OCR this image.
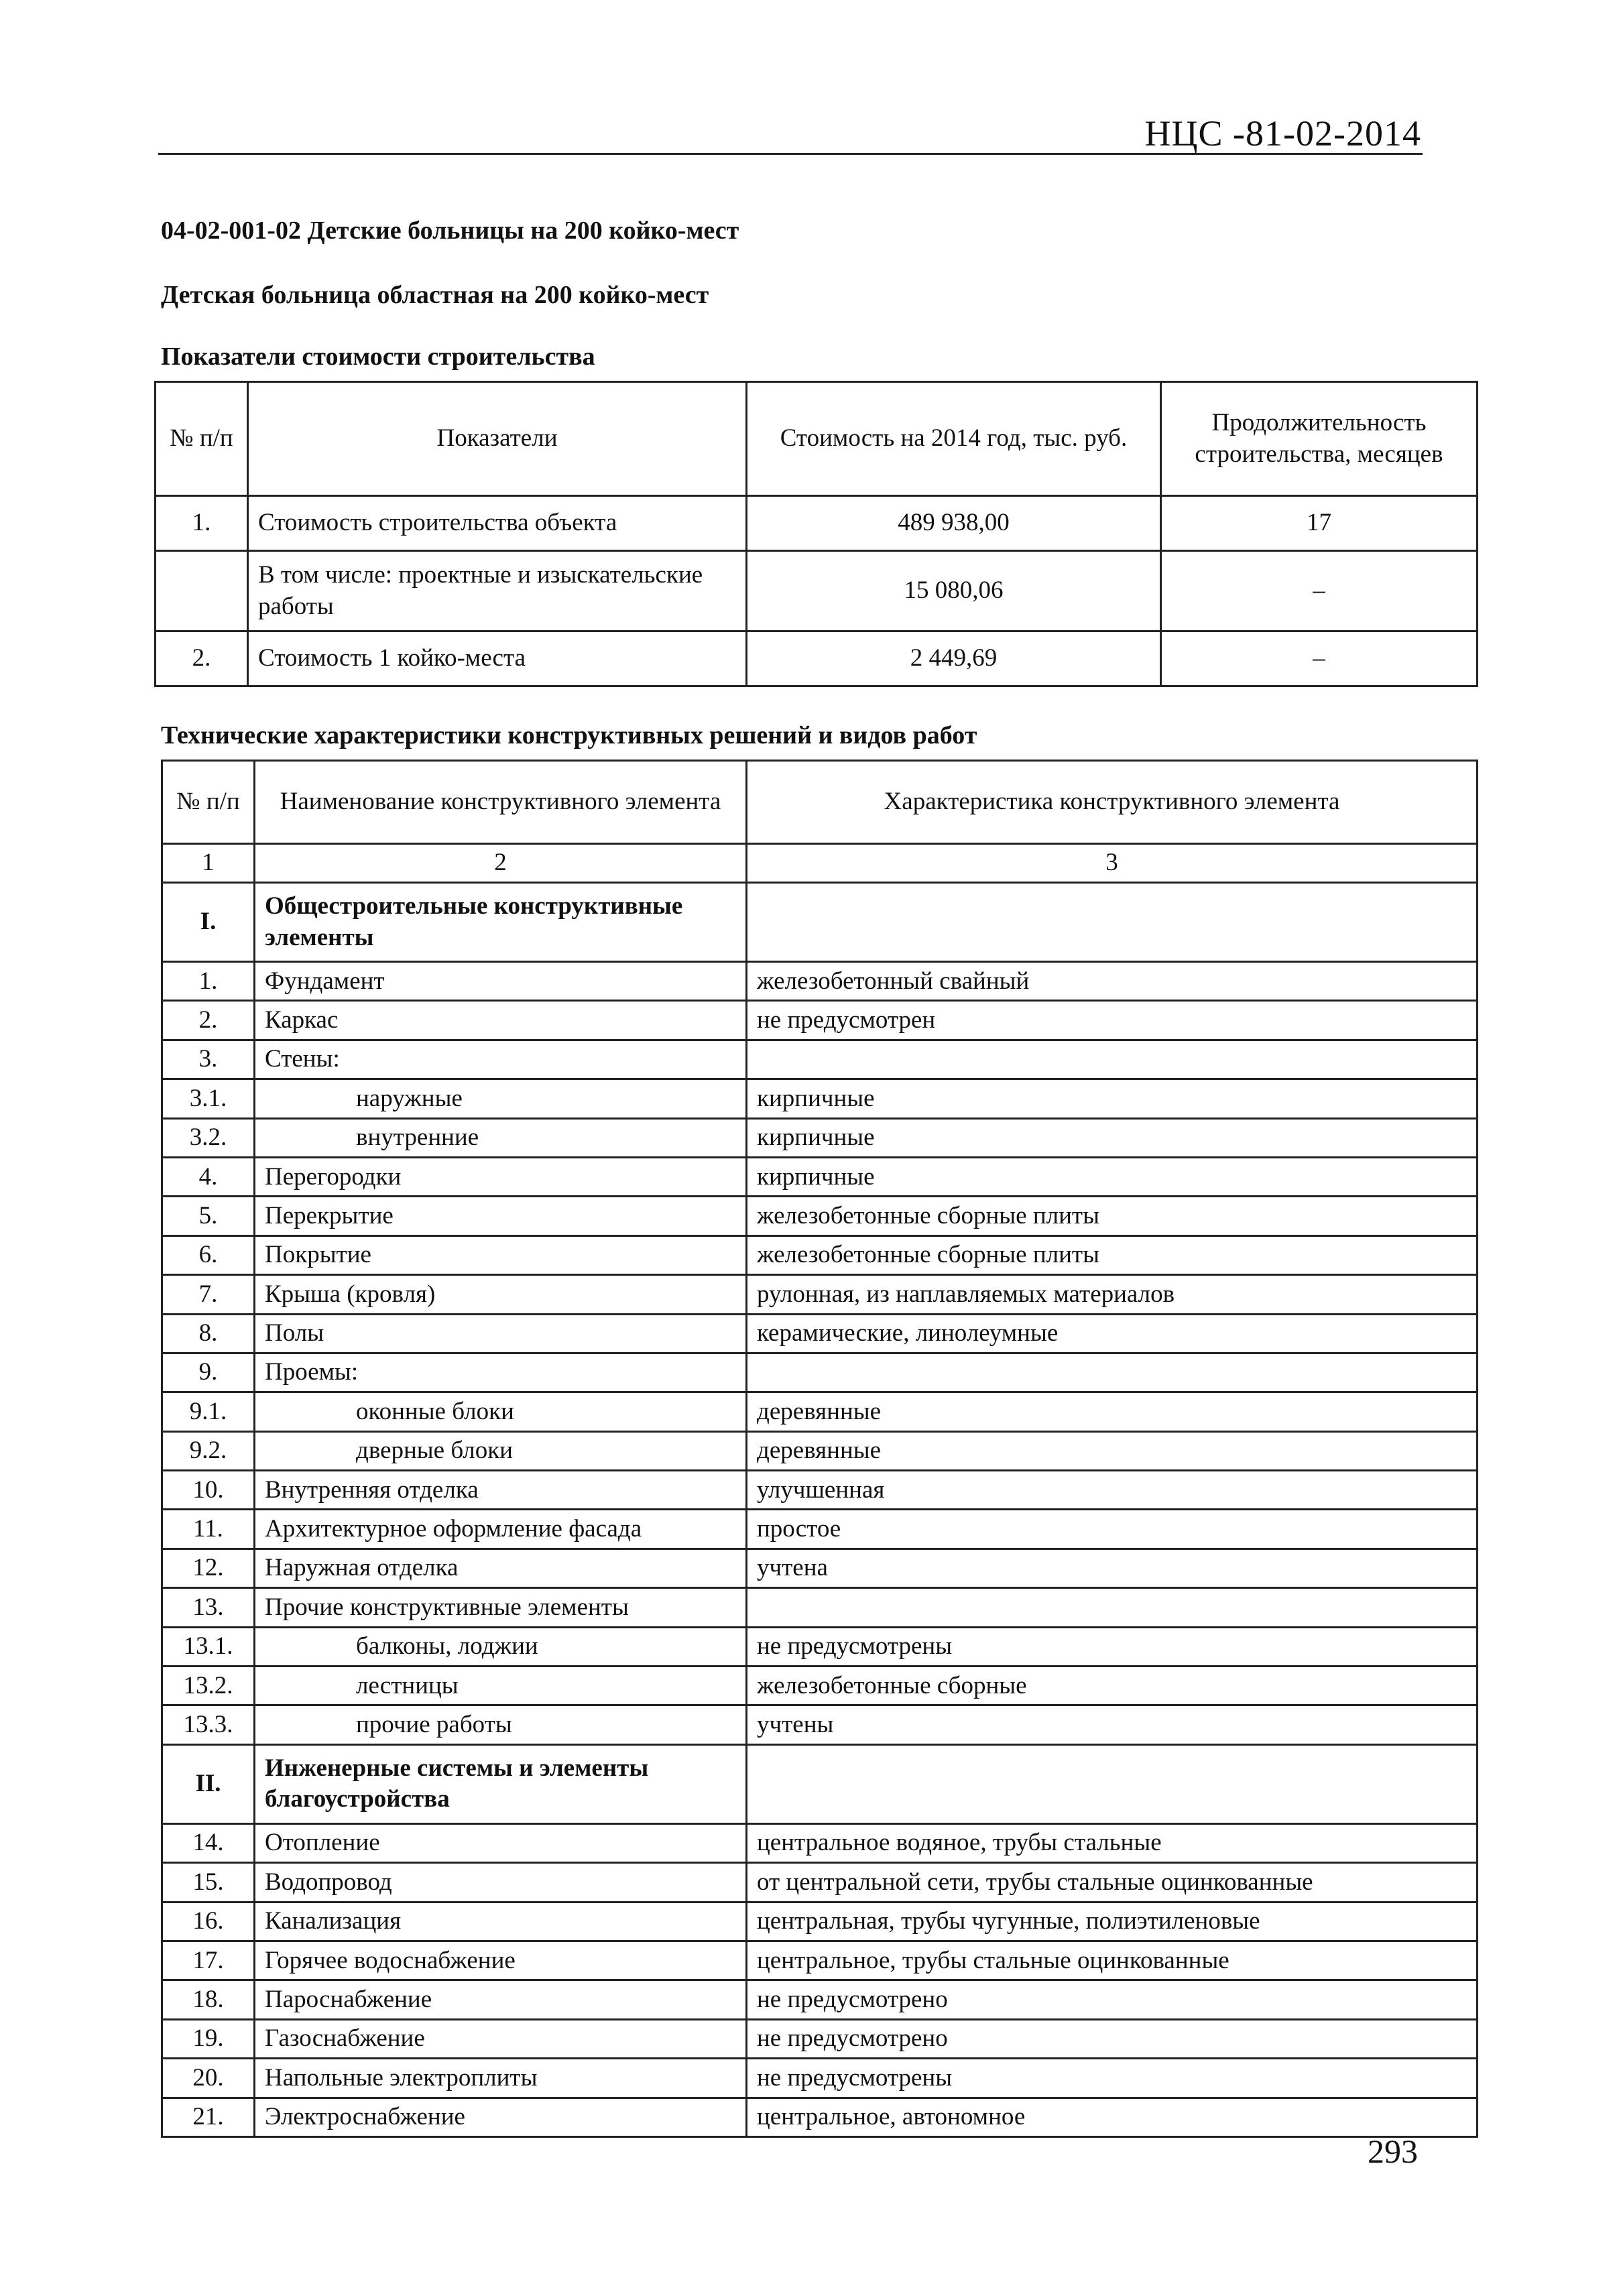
НЦС -81-02-2014
04-02-001-02 Детские больницы на 200 койко-мест
Детская больница областная на 200 койко-мест
Показатели стоимости строительства
№ п/п	Показатели	Стоимость на 2014 год, тыс. руб.	Продолжительность строительства, месяцев
1.	Стоимость строительства объекта	489 938,00	17
	В том числе: проектные и изыскательские работы	15 080,06	–
2.	Стоимость 1 койко-места	2 449,69	–
Технические характеристики конструктивных решений и видов работ
№ п/п	Наименование конструктивного элемента	Характеристика конструктивного элемента
1	2	3
I.	Общестроительные конструктивные элементы	
1.	Фундамент	железобетонный свайный
2.	Каркас	не предусмотрен
3.	Стены:	
3.1.	наружные	кирпичные
3.2.	внутренние	кирпичные
4.	Перегородки	кирпичные
5.	Перекрытие	железобетонные сборные плиты
6.	Покрытие	железобетонные сборные плиты
7.	Крыша (кровля)	рулонная, из наплавляемых материалов
8.	Полы	керамические, линолеумные
9.	Проемы:	
9.1.	оконные блоки	деревянные
9.2.	дверные блоки	деревянные
10.	Внутренняя отделка	улучшенная
11.	Архитектурное оформление фасада	простое
12.	Наружная отделка	учтена
13.	Прочие конструктивные элементы	
13.1.	балконы, лоджии	не предусмотрены
13.2.	лестницы	железобетонные сборные
13.3.	прочие работы	учтены
II.	Инженерные системы и элементы благоустройства	
14.	Отопление	центральное водяное, трубы стальные
15.	Водопровод	от центральной сети, трубы стальные оцинкованные
16.	Канализация	центральная, трубы чугунные, полиэтиленовые
17.	Горячее водоснабжение	центральное, трубы стальные оцинкованные
18.	Пароснабжение	не предусмотрено
19.	Газоснабжение	не предусмотрено
20.	Напольные электроплиты	не предусмотрены
21.	Электроснабжение	центральное, автономное
293
